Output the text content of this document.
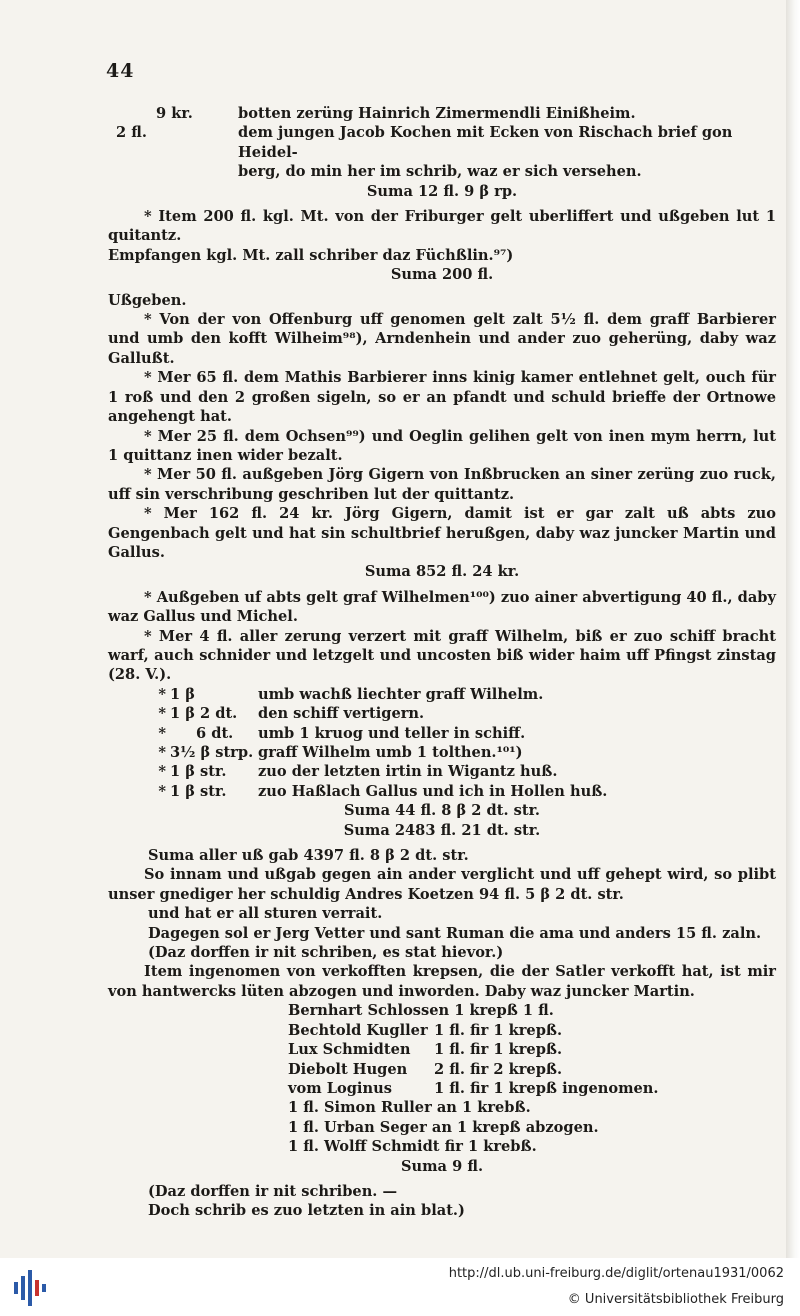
44
9 kr.	botten zerüng Hainrich Zimermendli Einißheim.
2 fl.	dem jungen Jacob Kochen mit Ecken von Rischach brief gon Heidel-

berg, do min her im schrib, waz er sich versehen.

Suma 12 fl. 9 β rp.

* Item 200 fl. kgl. Mt. von der Friburger gelt uberliffert und ußgeben lut 1 quitantz.

Empfangen kgl. Mt. zall schriber daz Füchßlin.⁹⁷)

Suma 200 fl.

Ußgeben.

* Von der von Offenburg uff genomen gelt zalt 5½ fl. dem graff Barbierer und umb den kofft Wilheim⁹⁸), Arndenhein und ander zuo geherüng, daby waz Gallußt.

* Mer 65 fl. dem Mathis Barbierer inns kinig kamer entlehnet gelt, ouch für 1 roß und den 2 großen sigeln, so er an pfandt und schuld brieffe der Ortnowe angehengt hat.

* Mer 25 fl. dem Ochsen⁹⁹) und Oeglin gelihen gelt von inen mym herrn, lut 1 quittanz inen wider bezalt.

* Mer 50 fl. außgeben Jörg Gigern von Inßbrucken an siner zerüng zuo ruck, uff sin verschribung geschriben lut der quittantz.

* Mer 162 fl. 24 kr. Jörg Gigern, damit ist er gar zalt uß abts zuo Gengenbach gelt und hat sin schultbrief herußgen, daby waz juncker Martin und Gallus.

Suma 852 fl. 24 kr.

* Außgeben uf abts gelt graf Wilhelmen¹⁰⁰) zuo ainer abvertigung 40 fl., daby waz Gallus und Michel.

* Mer 4 fl. aller zerung verzert mit graff Wilhelm, biß er zuo schiff bracht warf, auch schnider und letzgelt und uncosten biß wider haim uff Pfingst zinstag (28. V.).

* 1 β	umb wachß liechter graff Wilhelm.
* 1 β 2 dt.	den schiff vertigern.
*	6 dt.	umb 1 kruog und teller in schiff.
* 3½ β strp. graff Wilhelm umb 1 tolthen.¹⁰¹)
* 1 β str.	zuo der letzten irtin in Wigantz huß.
* 1 β str.	zuo Haßlach Gallus und ich in Hollen huß.

Suma 44 fl. 8 β 2 dt. str.

Suma 2483 fl. 21 dt. str.

Suma aller uß gab 4397 fl. 8 β 2 dt. str.

So innam und ußgab gegen ain ander verglicht und uff gehept wird, so plibt unser gnediger her schuldig Andres Koetzen 94 fl. 5 β 2 dt. str.

und hat er all sturen verrait.

Dagegen sol er Jerg Vetter und sant Ruman die ama und anders 15 fl. zaln.

(Daz dorffen ir nit schriben, es stat hievor.)

Item ingenomen von verkofften krepsen, die der Satler verkofft hat, ist mir von hantwercks lüten abzogen und inworden. Daby waz juncker Martin.

Bernhart Schlossen 1 krepß 1 fl.
Bechtold Kugller 1 fl. fir 1 krepß.
Lux Schmidten	1 fl. fir 1 krepß.
Diebolt Hugen	2 fl. fir 2 krepß.
vom Loginus	1 fl. fir 1 krepß ingenomen.
1 fl. Simon Ruller an 1 krebß.
1 fl. Urban Seger an 1 krepß abzogen.
1 fl. Wolff Schmidt fir 1 krebß.

Suma 9 fl.

(Daz dorffen ir nit schriben. —

Doch schrib es zuo letzten in ain blat.)

http://dl.ub.uni-freiburg.de/diglit/ortenau1931/0062
© Universitätsbibliothek Freiburg
